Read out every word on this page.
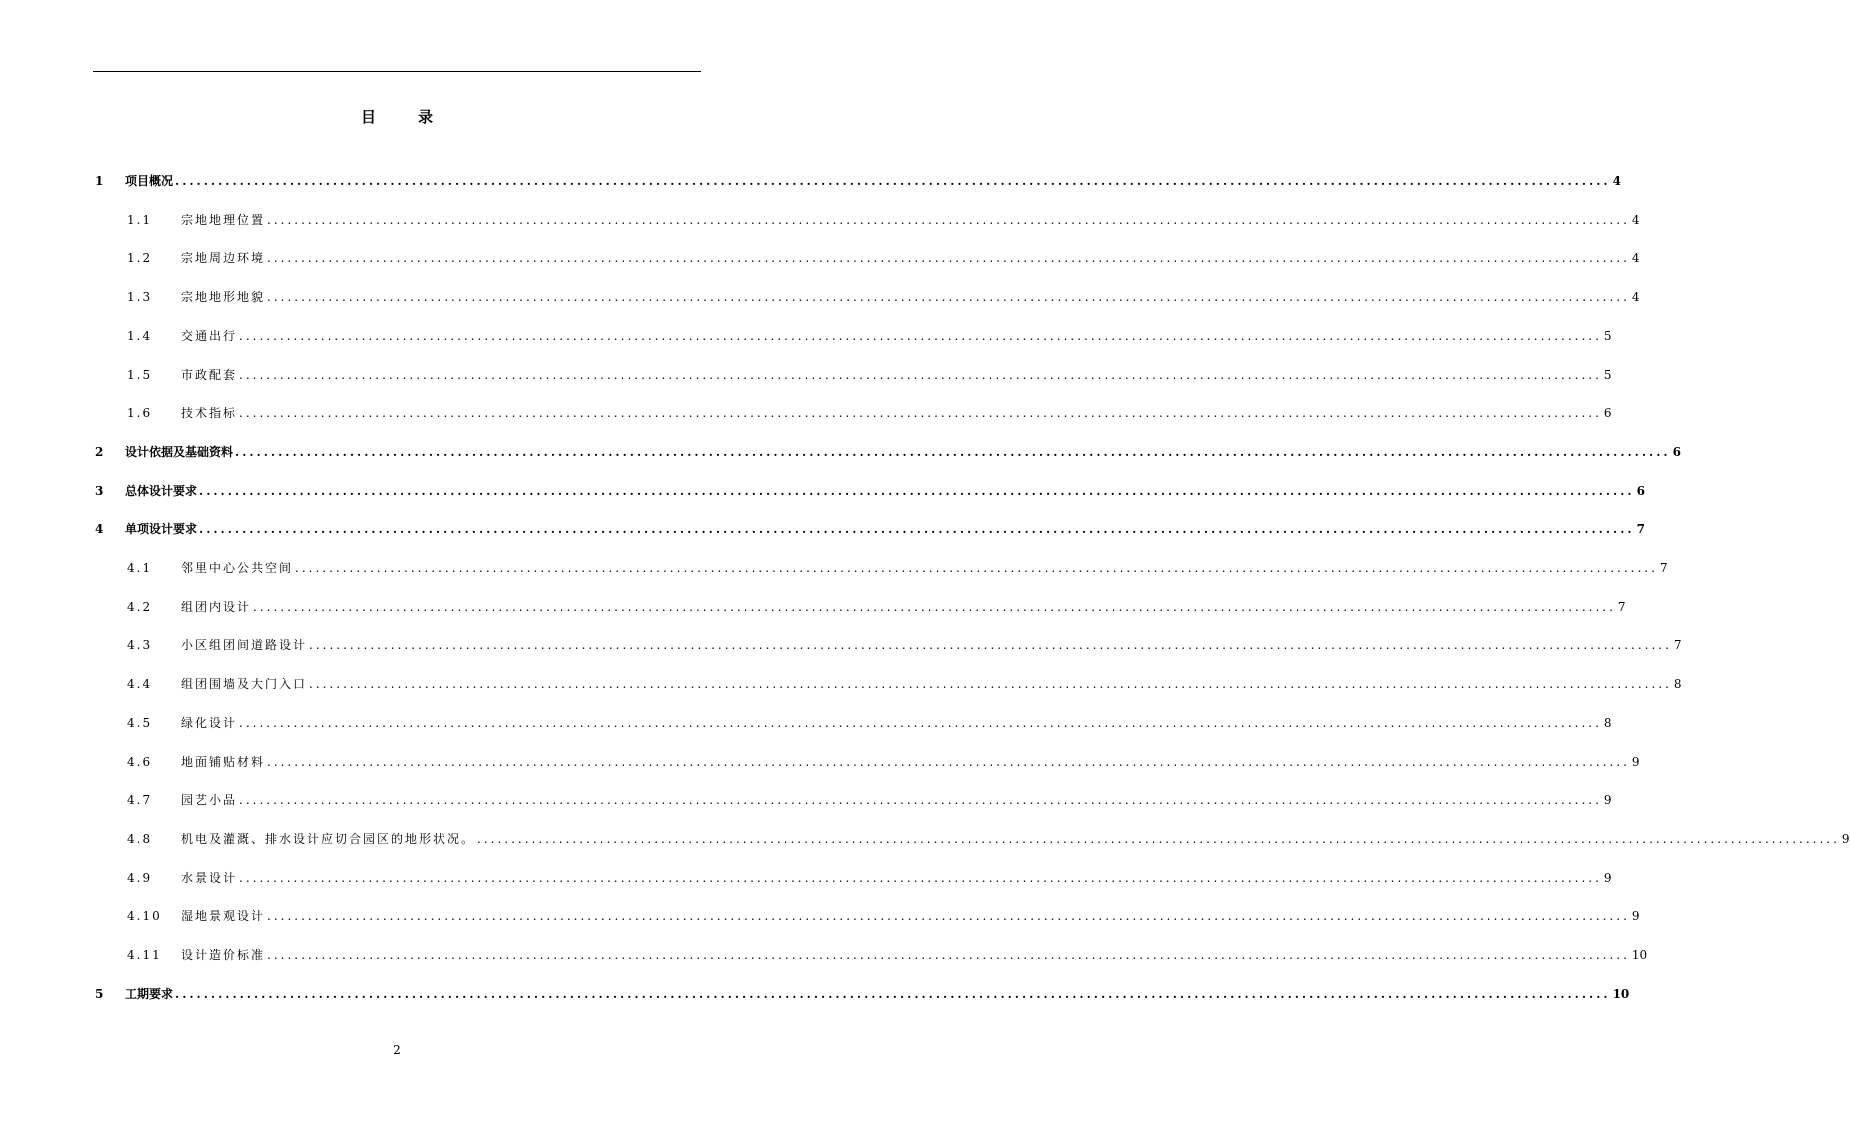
目	录
1	项目概况 ........................................................................................................................................................................................................ 4
1.1	宗地地理位置 ........................................................................................................................................................................................................ 4
1.2	宗地周边环境 ........................................................................................................................................................................................................ 4
1.3	宗地地形地貌 ........................................................................................................................................................................................................ 4
1.4	交通出行 ........................................................................................................................................................................................................ 5
1.5	市政配套 ........................................................................................................................................................................................................ 5
1.6	技术指标 ........................................................................................................................................................................................................ 6
2	设计依据及基础资料 ........................................................................................................................................................................................................ 6
3	总体设计要求 ........................................................................................................................................................................................................ 6
4	单项设计要求 ........................................................................................................................................................................................................ 7
4.1	邻里中心公共空间 ........................................................................................................................................................................................................ 7
4.2	组团内设计 ........................................................................................................................................................................................................ 7
4.3	小区组团间道路设计 ........................................................................................................................................................................................................ 7
4.4	组团围墙及大门入口 ........................................................................................................................................................................................................ 8
4.5	绿化设计 ........................................................................................................................................................................................................ 8
4.6	地面铺贴材料 ........................................................................................................................................................................................................ 9
4.7	园艺小品 ........................................................................................................................................................................................................ 9
4.8	机电及灌溉、排水设计应切合园区的地形状况。 ........................................................................................................................................................................................................ 9
4.9	水景设计 ........................................................................................................................................................................................................ 9
4.10	湿地景观设计 ........................................................................................................................................................................................................ 9
4.11	设计造价标准 ........................................................................................................................................................................................................ 10
5	工期要求 ........................................................................................................................................................................................................ 10
2
